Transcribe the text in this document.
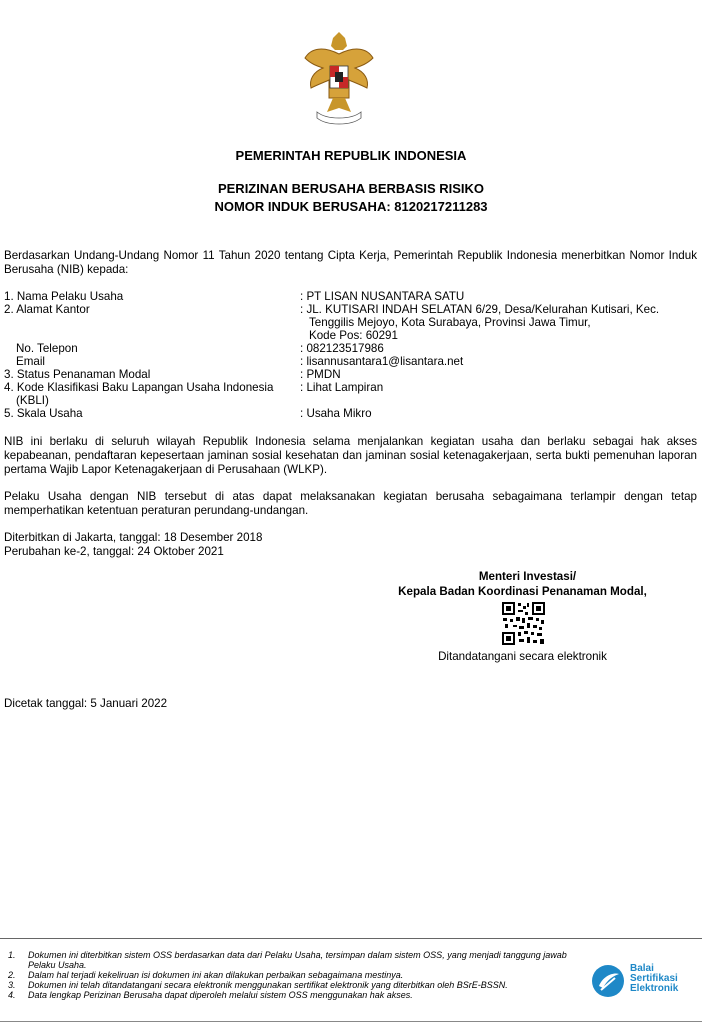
PEMERINTAH REPUBLIK INDONESIA
PERIZINAN BERUSAHA BERBASIS RISIKO
NOMOR INDUK BERUSAHA: 8120217211283
Berdasarkan Undang-Undang Nomor 11 Tahun 2020 tentang Cipta Kerja, Pemerintah Republik Indonesia menerbitkan Nomor Induk Berusaha (NIB) kepada:
1. Nama Pelaku Usaha	: PT LISAN NUSANTARA SATU
2. Alamat Kantor	: JL. KUTISARI INDAH SELATAN 6/29, Desa/Kelurahan Kutisari, Kec.
Tenggilis Mejoyo, Kota Surabaya, Provinsi Jawa Timur,
Kode Pos: 60291
No. Telepon	: 082123517986
Email	: lisannusantara1@lisantara.net
3. Status Penanaman Modal	: PMDN
4. Kode Klasifikasi Baku Lapangan Usaha Indonesia	: Lihat Lampiran
(KBLI)
5. Skala Usaha	: Usaha Mikro
NIB ini berlaku di seluruh wilayah Republik Indonesia selama menjalankan kegiatan usaha dan berlaku sebagai hak akses kepabeanan, pendaftaran kepesertaan jaminan sosial kesehatan dan jaminan sosial ketenagakerjaan, serta bukti pemenuhan laporan pertama Wajib Lapor Ketenagakerjaan di Perusahaan (WLKP).
Pelaku Usaha dengan NIB tersebut di atas dapat melaksanakan kegiatan berusaha sebagaimana terlampir dengan tetap memperhatikan ketentuan peraturan perundang-undangan.
Diterbitkan di Jakarta, tanggal: 18 Desember 2018
Perubahan ke-2, tanggal: 24 Oktober 2021
Menteri Investasi/
Kepala Badan Koordinasi Penanaman Modal,
Ditandatangani secara elektronik
Dicetak tanggal: 5 Januari 2022
1. Dokumen ini diterbitkan sistem OSS berdasarkan data dari Pelaku Usaha, tersimpan dalam sistem OSS, yang menjadi tanggung jawab
Pelaku Usaha.
2. Dalam hal terjadi kekeliruan isi dokumen ini akan dilakukan perbaikan sebagaimana mestinya.
3. Dokumen ini telah ditandatangani secara elektronik menggunakan sertifikat elektronik yang diterbitkan oleh BSrE-BSSN.
4. Data lengkap Perizinan Berusaha dapat diperoleh melalui sistem OSS menggunakan hak akses.
Balai
Sertifikasi
Elektronik
